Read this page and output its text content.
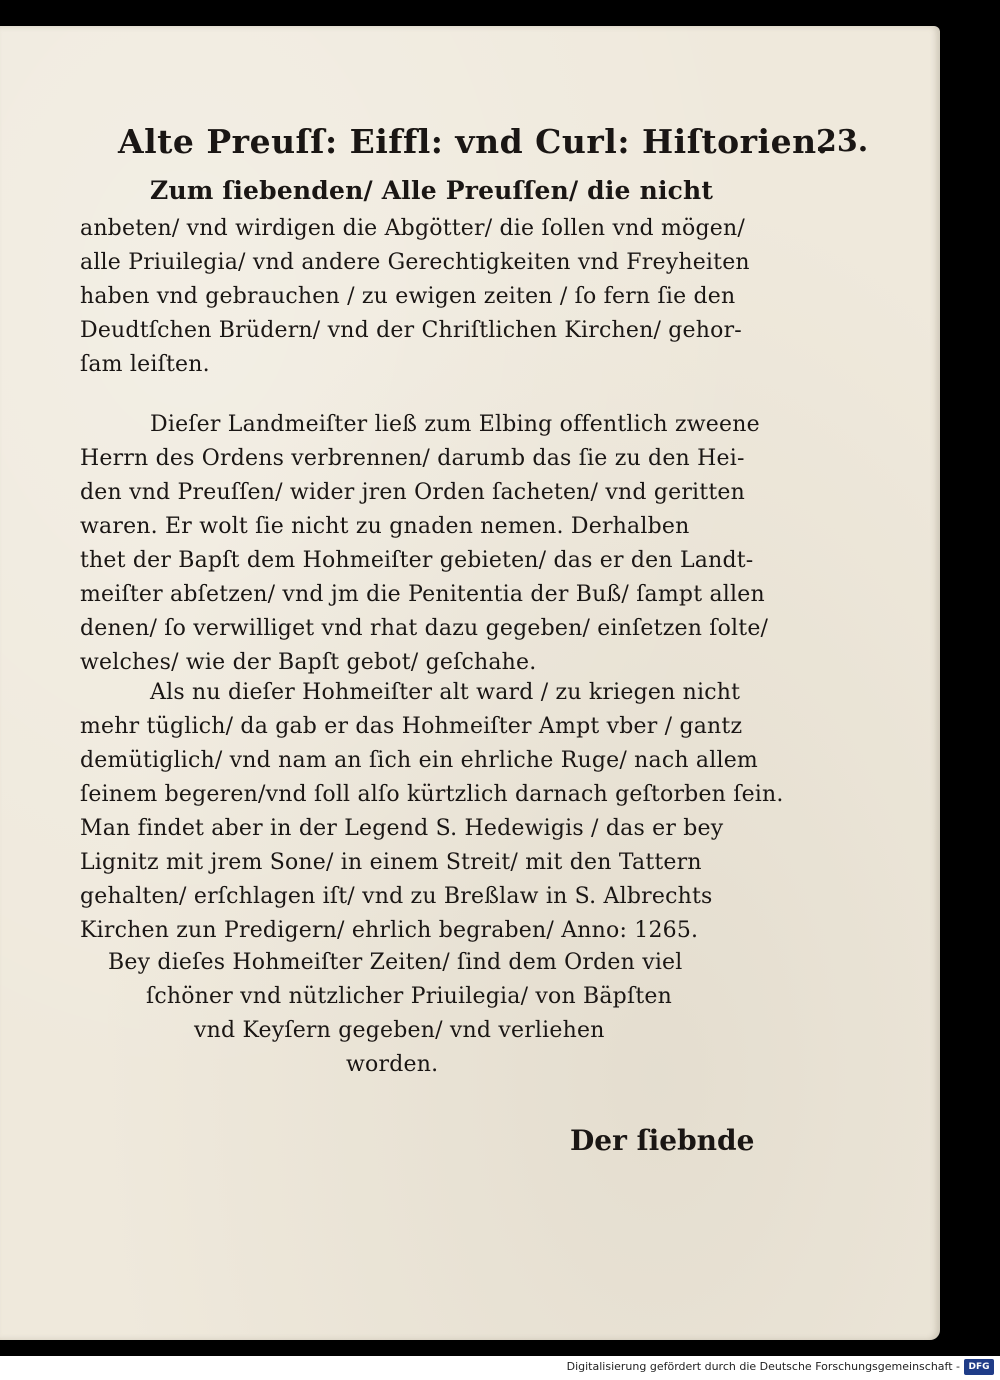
Alte Preuſſ: Eiffl: vnd Curl: Hiſtorien.
23.
Zum ſiebenden/ Alle Preuſſen/ die nicht
anbeten/ vnd wirdigen die Abgötter/ die ſollen vnd mögen/
alle Priuilegia/ vnd andere Gerechtigkeiten vnd Freyheiten
haben vnd gebrauchen / zu ewigen zeiten / ſo fern ſie den
Deudtſchen Brüdern/ vnd der Chriſtlichen Kirchen/ gehor-
ſam leiſten.
Dieſer Landmeiſter ließ zum Elbing offentlich zweene
Herrn des Ordens verbrennen/ darumb das ſie zu den Hei-
den vnd Preuſſen/ wider jren Orden ſacheten/ vnd geritten
waren. Er wolt ſie nicht zu gnaden nemen. Derhalben
thet der Bapſt dem Hohmeiſter gebieten/ das er den Landt-
meiſter abſetzen/ vnd jm die Penitentia der Buß/ ſampt allen
denen/ ſo verwilliget vnd rhat dazu gegeben/ einſetzen ſolte/
welches/ wie der Bapſt gebot/ geſchahe.
Als nu dieſer Hohmeiſter alt ward / zu kriegen nicht
mehr tüglich/ da gab er das Hohmeiſter Ampt vber / gantz
demütiglich/ vnd nam an ſich ein ehrliche Ruge/ nach allem
ſeinem begeren/vnd ſoll alſo kürtzlich darnach geſtorben ſein.
Man findet aber in der Legend S. Hedewigis / das er bey
Lignitz mit jrem Sone/ in einem Streit/ mit den Tattern
gehalten/ erſchlagen iſt/ vnd zu Breßlaw in S. Albrechts
Kirchen zun Predigern/ ehrlich begraben/ Anno: 1265.
Bey dieſes Hohmeiſter Zeiten/ ſind dem Orden viel
ſchöner vnd nützlicher Priuilegia/ von Bäpſten
vnd Keyſern gegeben/ vnd verliehen
worden.
Der ſiebnde
Digitalisierung gefördert durch die Deutsche Forschungsgemeinschaft - DFG
